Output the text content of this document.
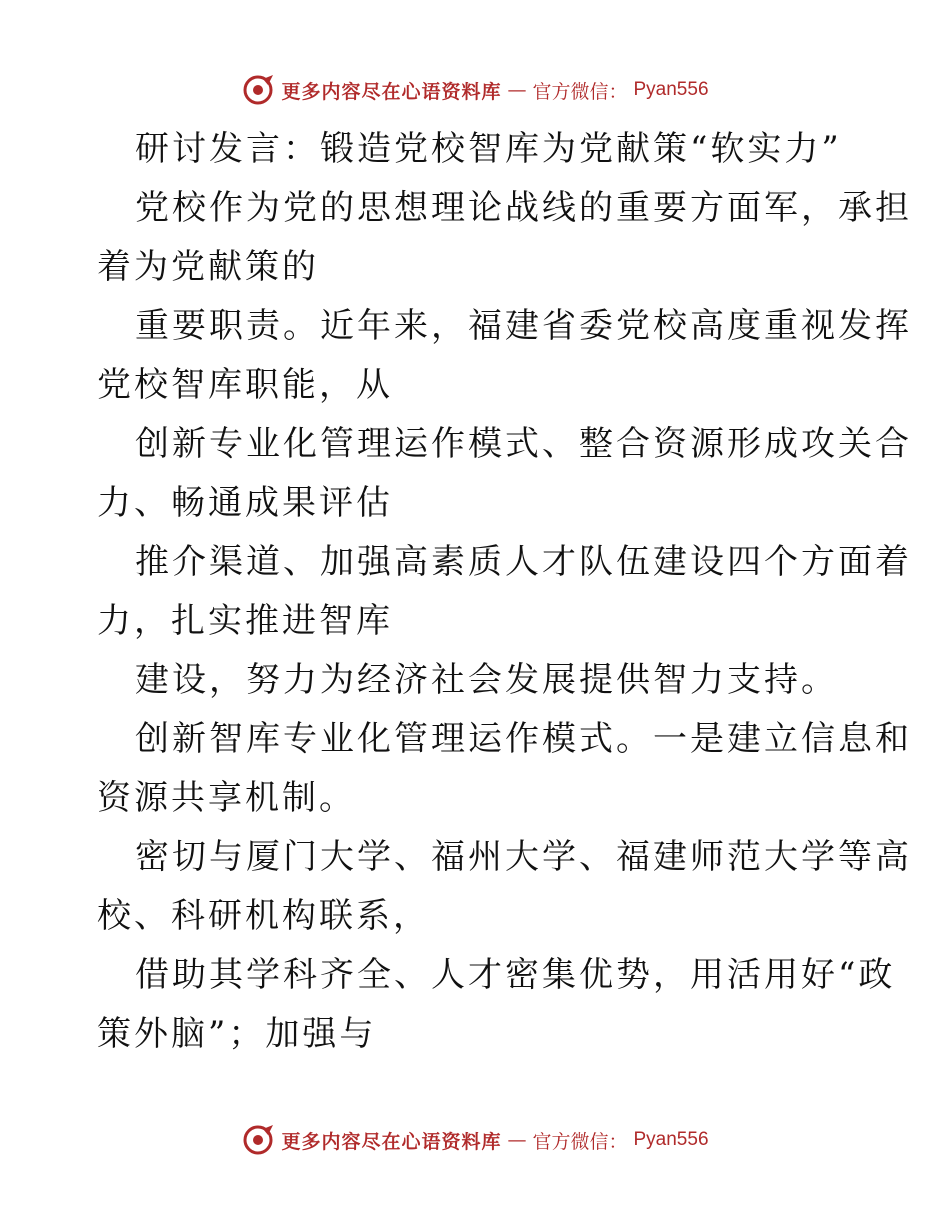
更多内容尽在心语资料库 — 官方微信： Pyan556
研讨发言：锻造党校智库为党献策“软实力”
党校作为党的思想理论战线的重要方面军，承担
着为党献策的
重要职责。近年来，福建省委党校高度重视发挥
党校智库职能，从
创新专业化管理运作模式、整合资源形成攻关合
力、畅通成果评估
推介渠道、加强高素质人才队伍建设四个方面着
力，扎实推进智库
建设，努力为经济社会发展提供智力支持。
创新智库专业化管理运作模式。一是建立信息和
资源共享机制。
密切与厦门大学、福州大学、福建师范大学等高
校、科研机构联系，
借助其学科齐全、人才密集优势，用活用好“政
策外脑”；加强与
更多内容尽在心语资料库 — 官方微信： Pyan556
